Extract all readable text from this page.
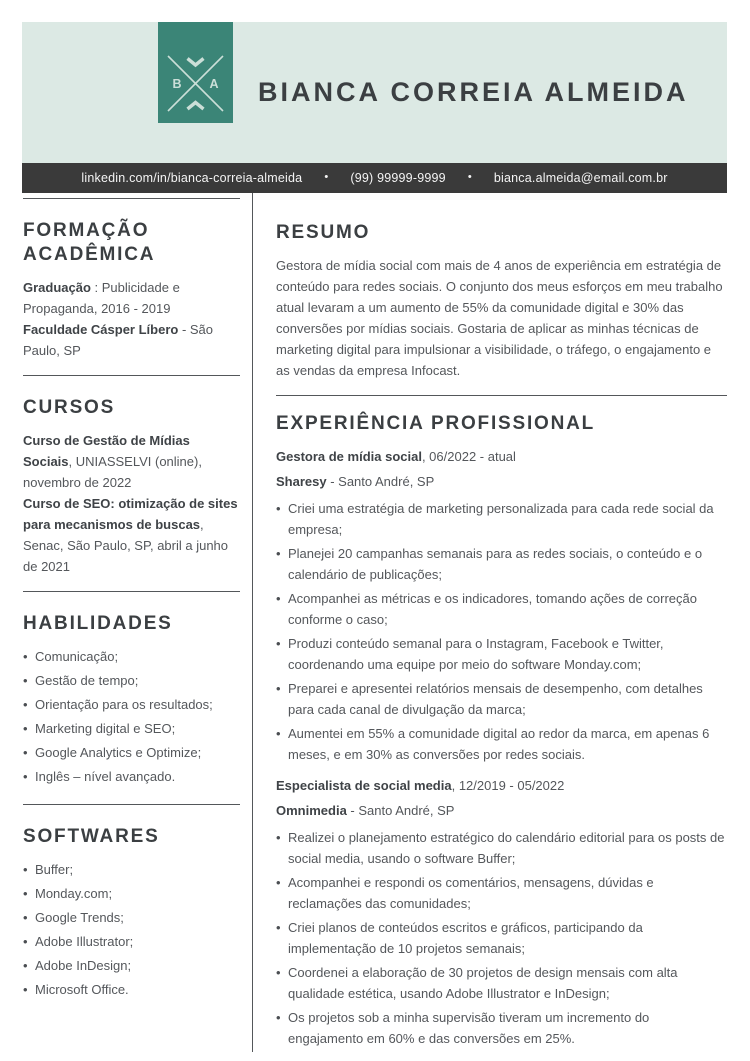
B A BIANCA CORREIA ALMEIDA
linkedin.com/in/bianca-correia-almeida • (99) 99999-9999 • bianca.almeida@email.com.br
FORMAÇÃO ACADÊMICA

Graduação : Publicidade e Propaganda, 2016 - 2019

Faculdade Cásper Líbero - São Paulo, SP

CURSOS

Curso de Gestão de Mídias Sociais, UNIASSELVI (online), novembro de 2022

Curso de SEO: otimização de sites para mecanismos de buscas, Senac, São Paulo, SP, abril a junho de 2021

HABILIDADES
• Comunicação;
• Gestão de tempo;
• Orientação para os resultados;
• Marketing digital e SEO;
• Google Analytics e Optimize;
• Inglês – nível avançado.
SOFTWARES
• Buffer;
• Monday.com;
• Google Trends;
• Adobe Illustrator;
• Adobe InDesign;
• Microsoft Office.
RESUMO

Gestora de mídia social com mais de 4 anos de experiência em estratégia de conteúdo para redes sociais. O conjunto dos meus esforços em meu trabalho atual levaram a um aumento de 55% da comunidade digital e 30% das conversões por mídias sociais. Gostaria de aplicar as minhas técnicas de marketing digital para impulsionar a visibilidade, o tráfego, o engajamento e as vendas da empresa Infocast.

EXPERIÊNCIA PROFISSIONAL

Gestora de mídia social, 06/2022 - atual

Sharesy - Santo André, SP

• Criei uma estratégia de marketing personalizada para cada rede social da empresa;
• Planejei 20 campanhas semanais para as redes sociais, o conteúdo e o calendário de publicações;
• Acompanhei as métricas e os indicadores, tomando ações de correção conforme o caso;
• Produzi conteúdo semanal para o Instagram, Facebook e Twitter, coordenando uma equipe por meio do software Monday.com;
• Preparei e apresentei relatórios mensais de desempenho, com detalhes para cada canal de divulgação da marca;
• Aumentei em 55% a comunidade digital ao redor da marca, em apenas 6 meses, e em 30% as conversões por redes sociais.

Especialista de social media, 12/2019 - 05/2022

Omnimedia - Santo André, SP

• Realizei o planejamento estratégico do calendário editorial para os posts de social media, usando o software Buffer;
• Acompanhei e respondi os comentários, mensagens, dúvidas e reclamações das comunidades;
• Criei planos de conteúdos escritos e gráficos, participando da implementação de 10 projetos semanais;
• Coordenei a elaboração de 30 projetos de design mensais com alta qualidade estética, usando Adobe Illustrator e InDesign;
• Os projetos sob a minha supervisão tiveram um incremento do engajamento em 60% e das conversões em 25%.
